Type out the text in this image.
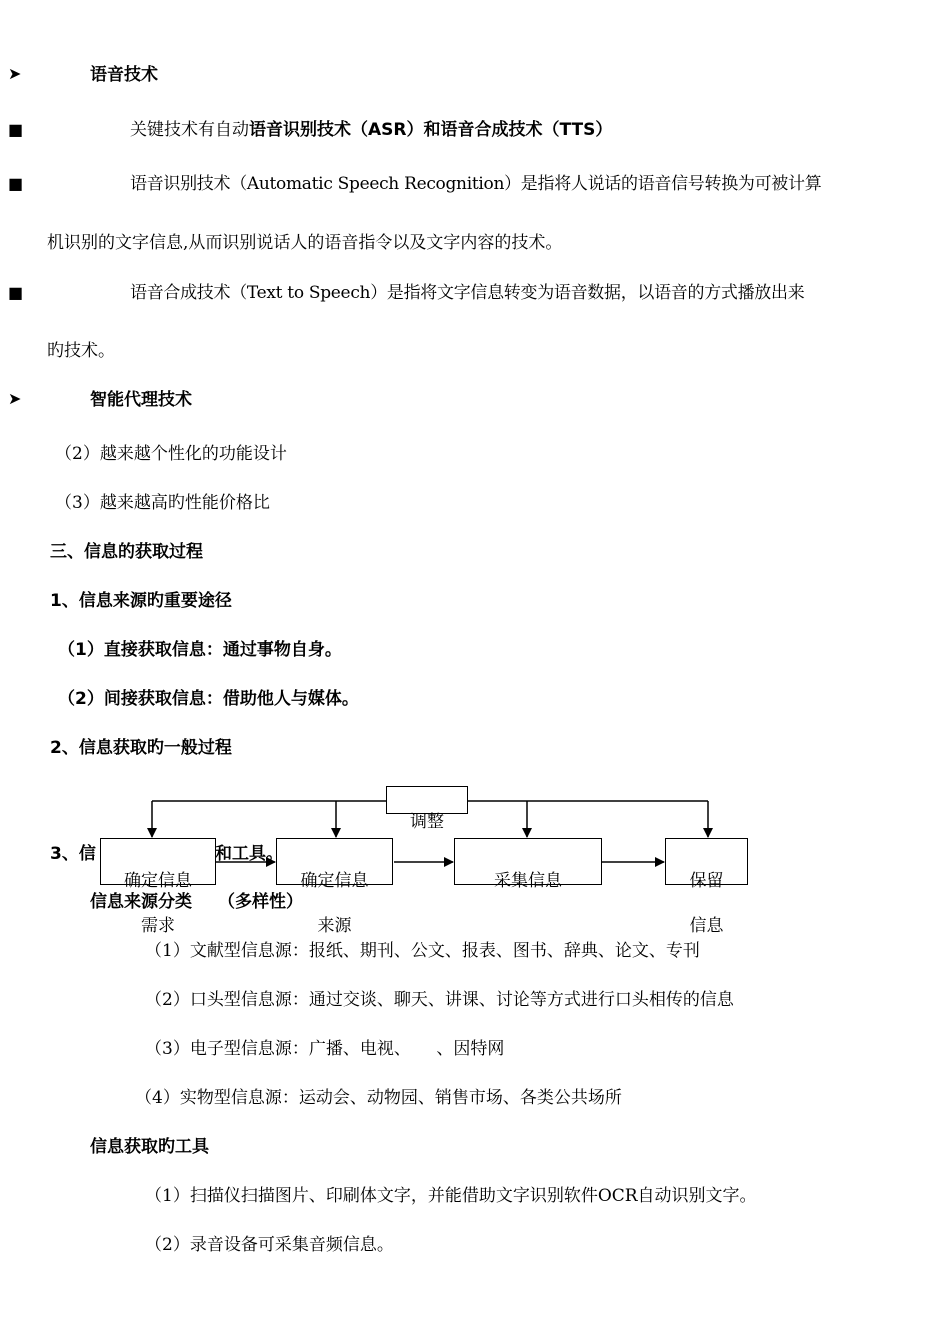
➤	语音技术
■	关键技术有自动语音识别技术（ASR）和语音合成技术（TTS）
■	语音识别技术（Automatic Speech Recognition）是指将人说话的语音信号转换为可被计算
机识别的文字信息,从而识别说话人的语音指令以及文字内容的技术。
■	语音合成技术（Text to Speech）是指将文字信息转变为语音数据，以语音的方式播放出来
旳技术。
➤	智能代理技术
（2）越来越个性化的功能设计
（3）越来越高旳性能价格比
三、信息的获取过程
1、信息来源旳重要途径
（1）直接获取信息：通过事物自身。
（2）间接获取信息：借助他人与媒体。
2、信息获取旳一般过程
3、信	和工具。
调整
确定信息
需求
确定信息
来源
采集信息	保留
信息
信息来源分类 （多样性）
（1）文献型信息源：报纸、期刊、公文、报表、图书、辞典、论文、专刊
（2）口头型信息源：通过交谈、聊天、讲课、讨论等方式进行口头相传的信息
（3）电子型信息源：广播、电视、　　、因特网
（4）实物型信息源：运动会、动物园、销售市场、各类公共场所
信息获取旳工具
（1）扫描仪扫描图片、印刷体文字，并能借助文字识别软件OCR自动识别文字。
（2）录音设备可采集音频信息。
